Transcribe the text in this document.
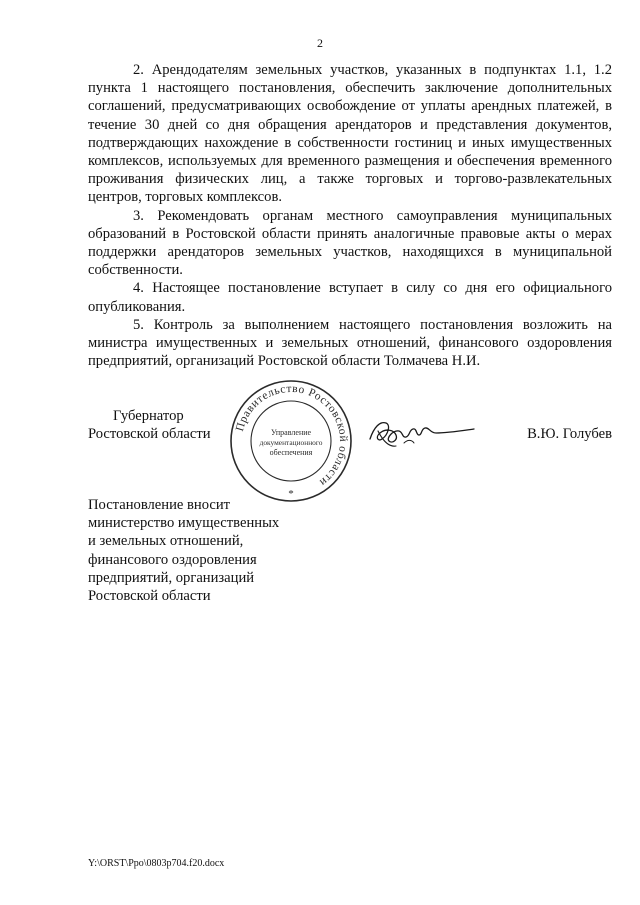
2

2. Арендодателям земельных участков, указанных в подпунктах 1.1, 1.2 пункта 1 настоящего постановления, обеспечить заключение дополнительных соглашений, предусматривающих освобождение от уплаты арендных платежей, в течение 30 дней со дня обращения арендаторов и представления документов, подтверждающих нахождение в собственности гостиниц и иных имущественных комплексов, используемых для временного размещения и обеспечения временного проживания физических лиц, а также торговых и торгово-развлекательных центров, торговых комплексов.

3. Рекомендовать органам местного самоуправления муниципальных образований в Ростовской области принять аналогичные правовые акты о мерах поддержки арендаторов земельных участков, находящихся в муниципальной собственности.

4. Настоящее постановление вступает в силу со дня его официального опубликования.

5. Контроль за выполнением настоящего постановления возложить на министра имущественных и земельных отношений, финансового оздоровления предприятий, организаций Ростовской области Толмачева Н.И.

Губернатор
Ростовской области Правительство Ростовской области
Управление
документационного
обеспечения
*
В.Ю. Голубев
Постановление вносит
министерство имущественных
и земельных отношений,
финансового оздоровления
предприятий, организаций
Ростовской области
Y:\ORST\Ppo\0803p704.f20.docx
